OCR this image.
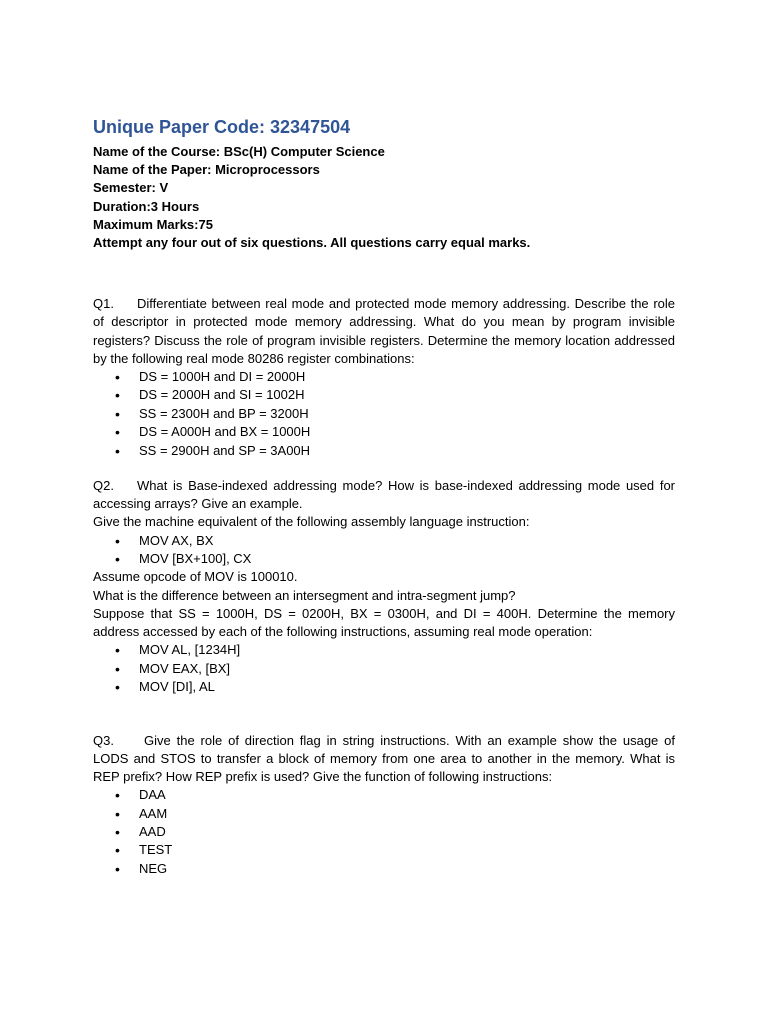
Unique Paper Code: 32347504
Name of the Course: BSc(H) Computer Science
Name of the Paper: Microprocessors
Semester: V
Duration:3 Hours
Maximum Marks:75
Attempt any four out of six questions. All questions carry equal marks.

Q1. Differentiate between real mode and protected mode memory addressing. Describe the role of descriptor in protected mode memory addressing. What do you mean by program invisible registers? Discuss the role of program invisible registers. Determine the memory location addressed by the following real mode 80286 register combinations:

• DS = 1000H and DI = 2000H
• DS = 2000H and SI = 1002H
• SS = 2300H and BP = 3200H
• DS = A000H and BX = 1000H
• SS = 2900H and SP = 3A00H

Q2. What is Base-indexed addressing mode? How is base-indexed addressing mode used for accessing arrays? Give an example.

Give the machine equivalent of the following assembly language instruction:

• MOV AX, BX
• MOV [BX+100], CX

Assume opcode of MOV is 100010.

What is the difference between an intersegment and intra-segment jump?

Suppose that SS = 1000H, DS = 0200H, BX = 0300H, and DI = 400H. Determine the memory address accessed by each of the following instructions, assuming real mode operation:

• MOV AL, [1234H]
• MOV EAX, [BX]
• MOV [DI], AL

Q3. Give the role of direction flag in string instructions. With an example show the usage of LODS and STOS to transfer a block of memory from one area to another in the memory. What is REP prefix? How REP prefix is used? Give the function of following instructions:

• DAA
• AAM
• AAD
• TEST
• NEG
